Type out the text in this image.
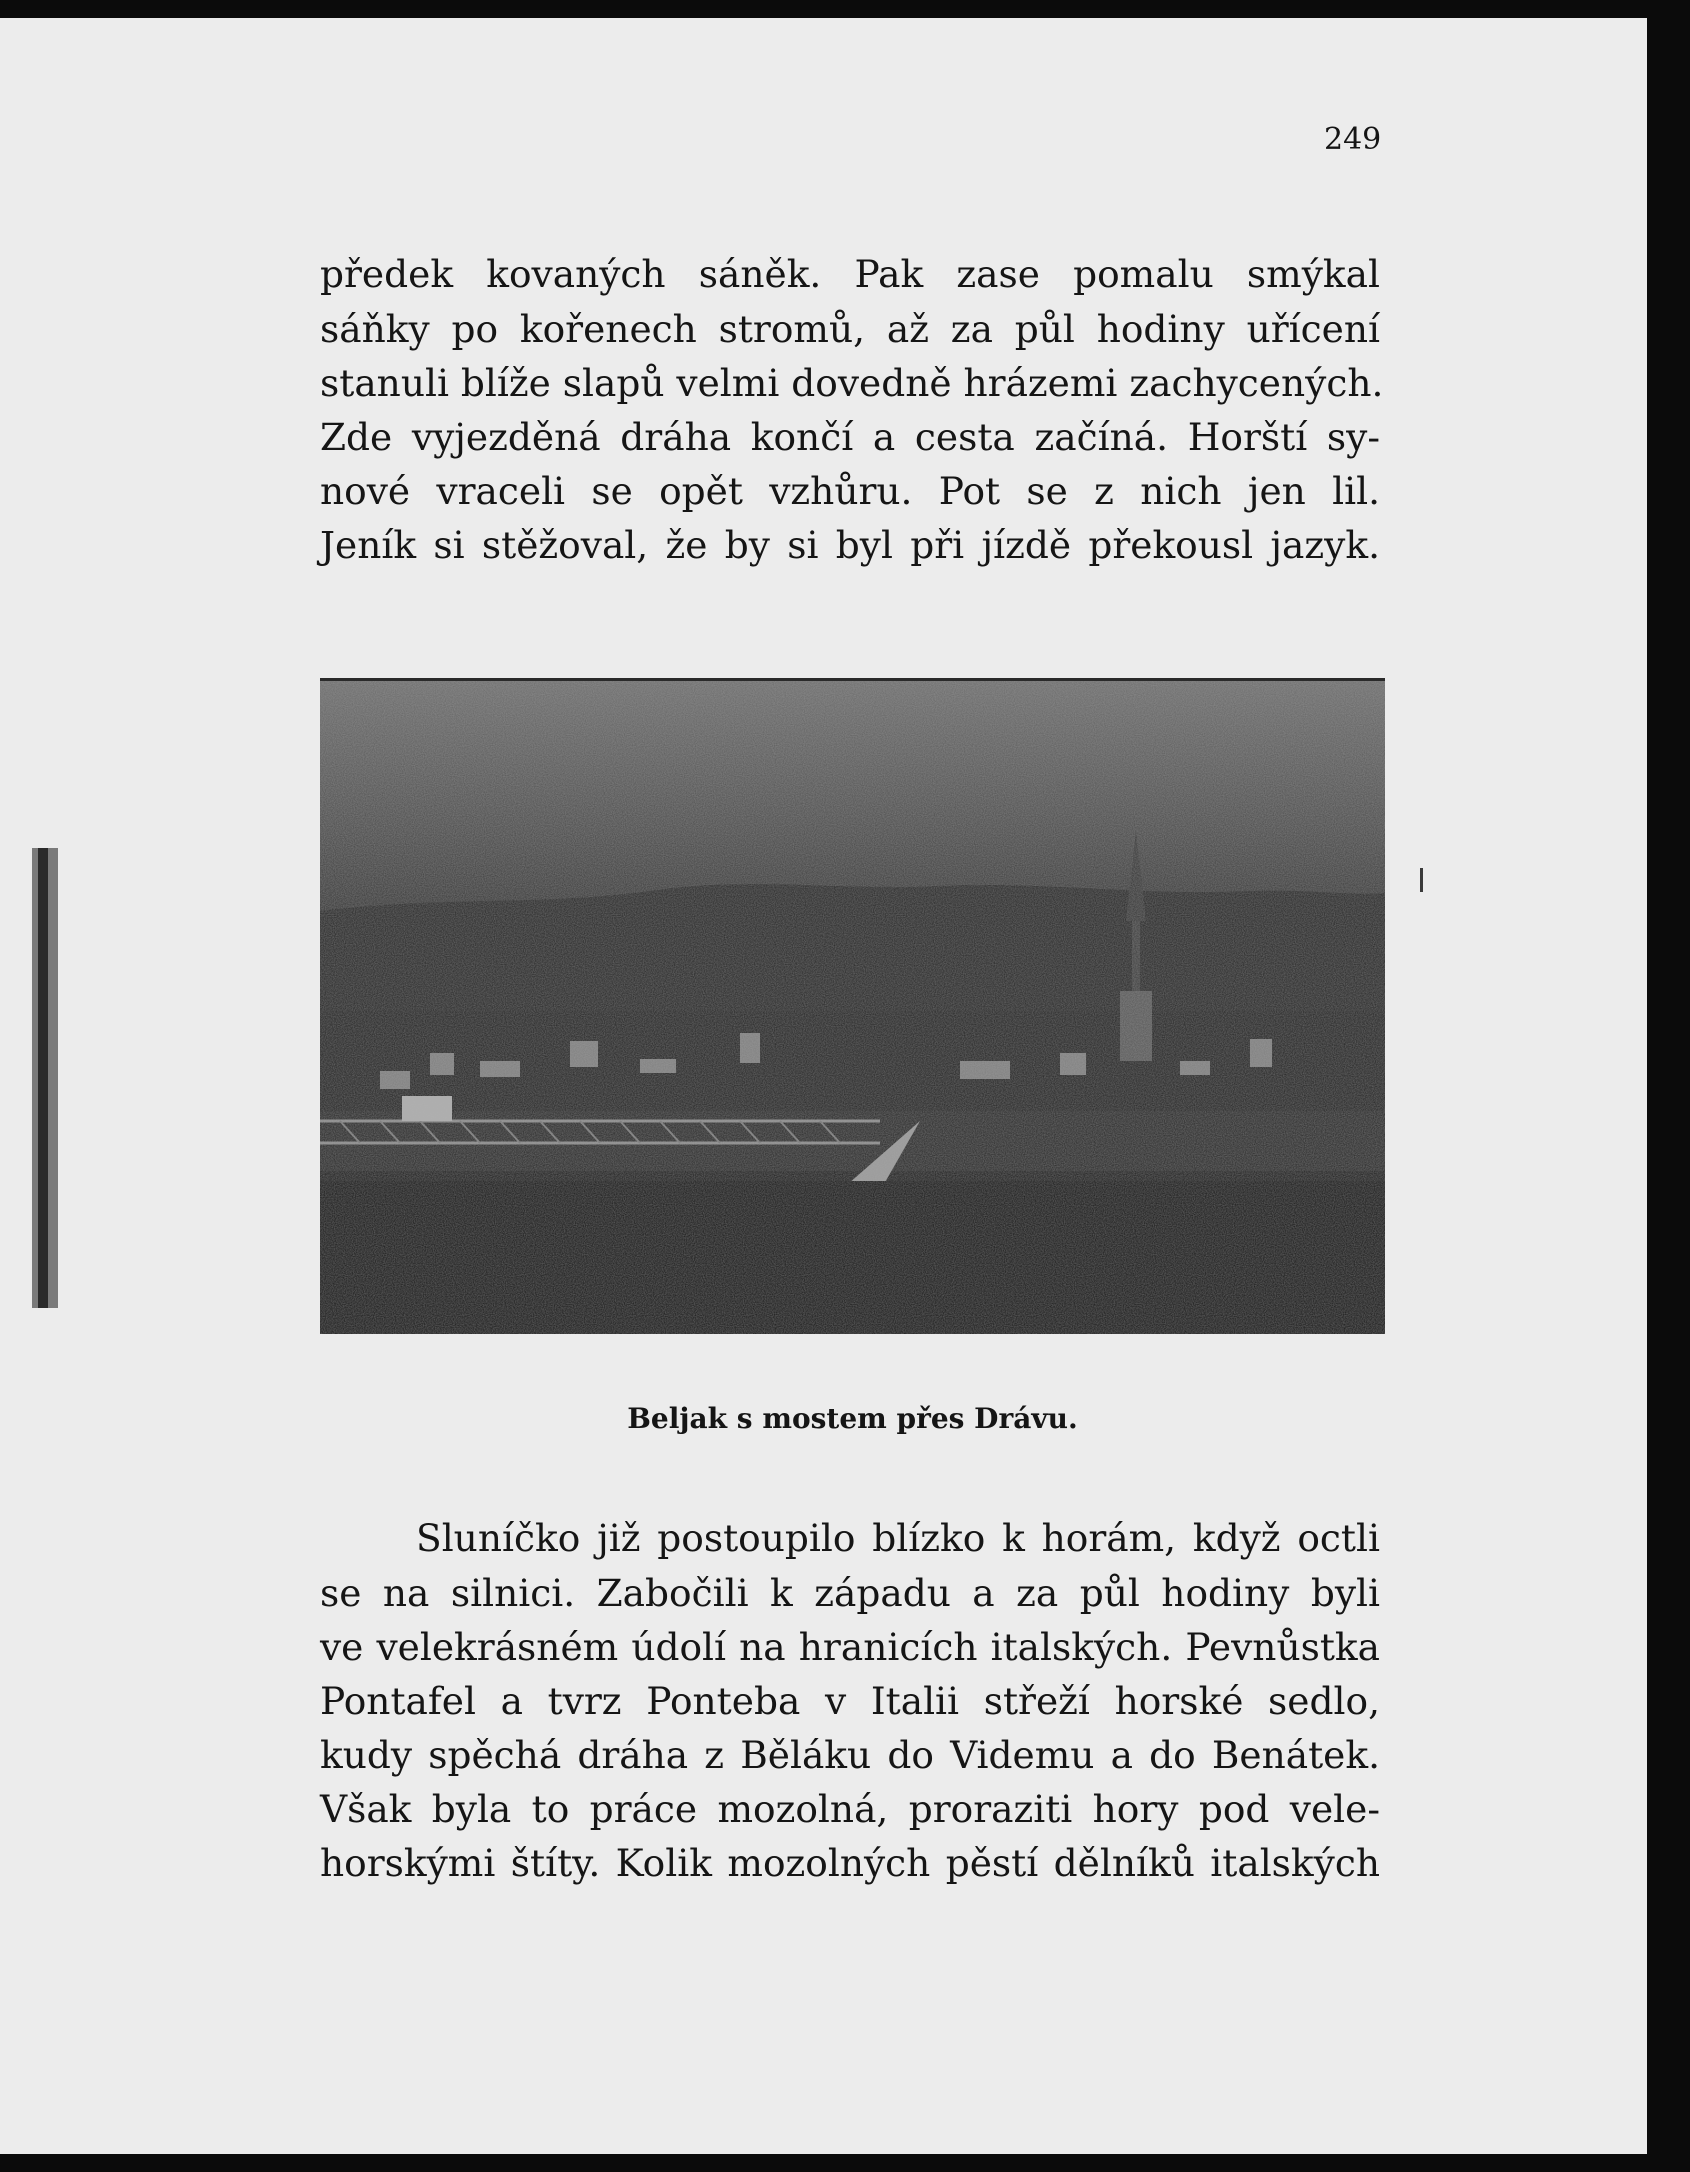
249
předek kovaných sáněk. Pak zase pomalu smýkal
sáňky po kořenech stromů, až za půl hodiny uřícení
stanuli blíže slapů velmi dovedně hrázemi zachycených.
Zde vyjezděná dráha končí a cesta začíná. Horští sy-
nové vraceli se opět vzhůru. Pot se z nich jen lil.
Jeník si stěžoval, že by si byl při jízdě překousl jazyk.
Beljak s mostem přes Drávu.
Sluníčko již postoupilo blízko k horám, když octli
se na silnici. Zabočili k západu a za půl hodiny byli
ve velekrásném údolí na hranicích italských. Pevnůstka
Pontafel a tvrz Ponteba v Italii střeží horské sedlo,
kudy spěchá dráha z Běláku do Videmu a do Benátek.
Však byla to práce mozolná, proraziti hory pod vele-
horskými štíty. Kolik mozolných pěstí dělníků italských
